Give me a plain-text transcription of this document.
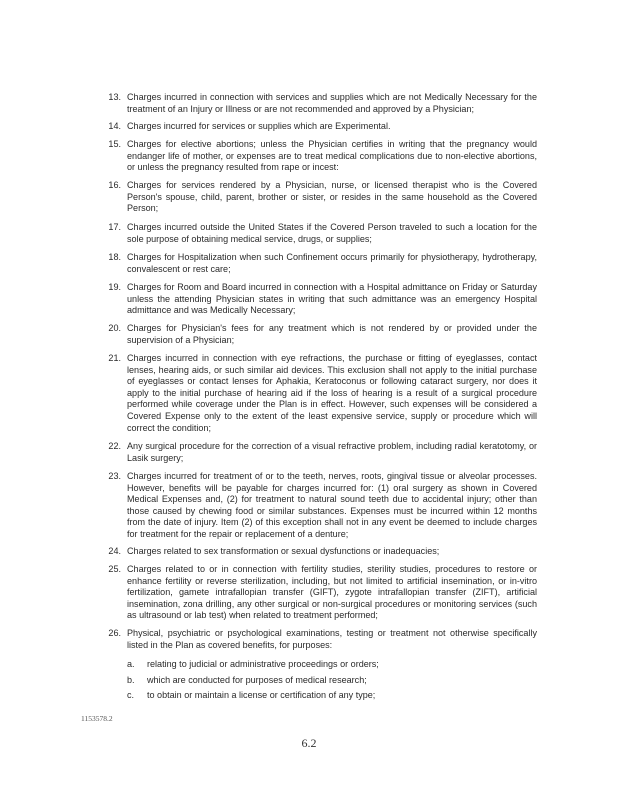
13. Charges incurred in connection with services and supplies which are not Medically Necessary for the treatment of an Injury or Illness or are not recommended and approved by a Physician;
14. Charges incurred for services or supplies which are Experimental.
15. Charges for elective abortions; unless the Physician certifies in writing that the pregnancy would endanger life of mother, or expenses are to treat medical complications due to non-elective abortions, or unless the pregnancy resulted from rape or incest:
16. Charges for services rendered by a Physician, nurse, or licensed therapist who is the Covered Person's spouse, child, parent, brother or sister, or resides in the same household as the Covered Person;
17. Charges incurred outside the United States if the Covered Person traveled to such a location for the sole purpose of obtaining medical service, drugs, or supplies;
18. Charges for Hospitalization when such Confinement occurs primarily for physiotherapy, hydrotherapy, convalescent or rest care;
19. Charges for Room and Board incurred in connection with a Hospital admittance on Friday or Saturday unless the attending Physician states in writing that such admittance was an emergency Hospital admittance and was Medically Necessary;
20. Charges for Physician's fees for any treatment which is not rendered by or provided under the supervision of a Physician;
21. Charges incurred in connection with eye refractions, the purchase or fitting of eyeglasses, contact lenses, hearing aids, or such similar aid devices. This exclusion shall not apply to the initial purchase of eyeglasses or contact lenses for Aphakia, Keratoconus or following cataract surgery, nor does it apply to the initial purchase of hearing aid if the loss of hearing is a result of a surgical procedure performed while coverage under the Plan is in effect. However, such expenses will be considered a Covered Expense only to the extent of the least expensive service, supply or procedure which will correct the condition;
22. Any surgical procedure for the correction of a visual refractive problem, including radial keratotomy, or Lasik surgery;
23. Charges incurred for treatment of or to the teeth, nerves, roots, gingival tissue or alveolar processes. However, benefits will be payable for charges incurred for: (1) oral surgery as shown in Covered Medical Expenses and, (2) for treatment to natural sound teeth due to accidental injury; other than those caused by chewing food or similar substances. Expenses must be incurred within 12 months from the date of injury. Item (2) of this exception shall not in any event be deemed to include charges for treatment for the repair or replacement of a denture;
24. Charges related to sex transformation or sexual dysfunctions or inadequacies;
25. Charges related to or in connection with fertility studies, sterility studies, procedures to restore or enhance fertility or reverse sterilization, including, but not limited to artificial insemination, or in-vitro fertilization, gamete intrafallopian transfer (GIFT), zygote intrafallopian transfer (ZIFT), artificial insemination, zona drilling, any other surgical or non-surgical procedures or monitoring services (such as ultrasound or lab test) when related to treatment performed;
26. Physical, psychiatric or psychological examinations, testing or treatment not otherwise specifically listed in the Plan as covered benefits, for purposes:
a.	relating to judicial or administrative proceedings or orders;
b.	which are conducted for purposes of medical research;
c.	to obtain or maintain a license or certification of any type;
1153578.2
6.2
